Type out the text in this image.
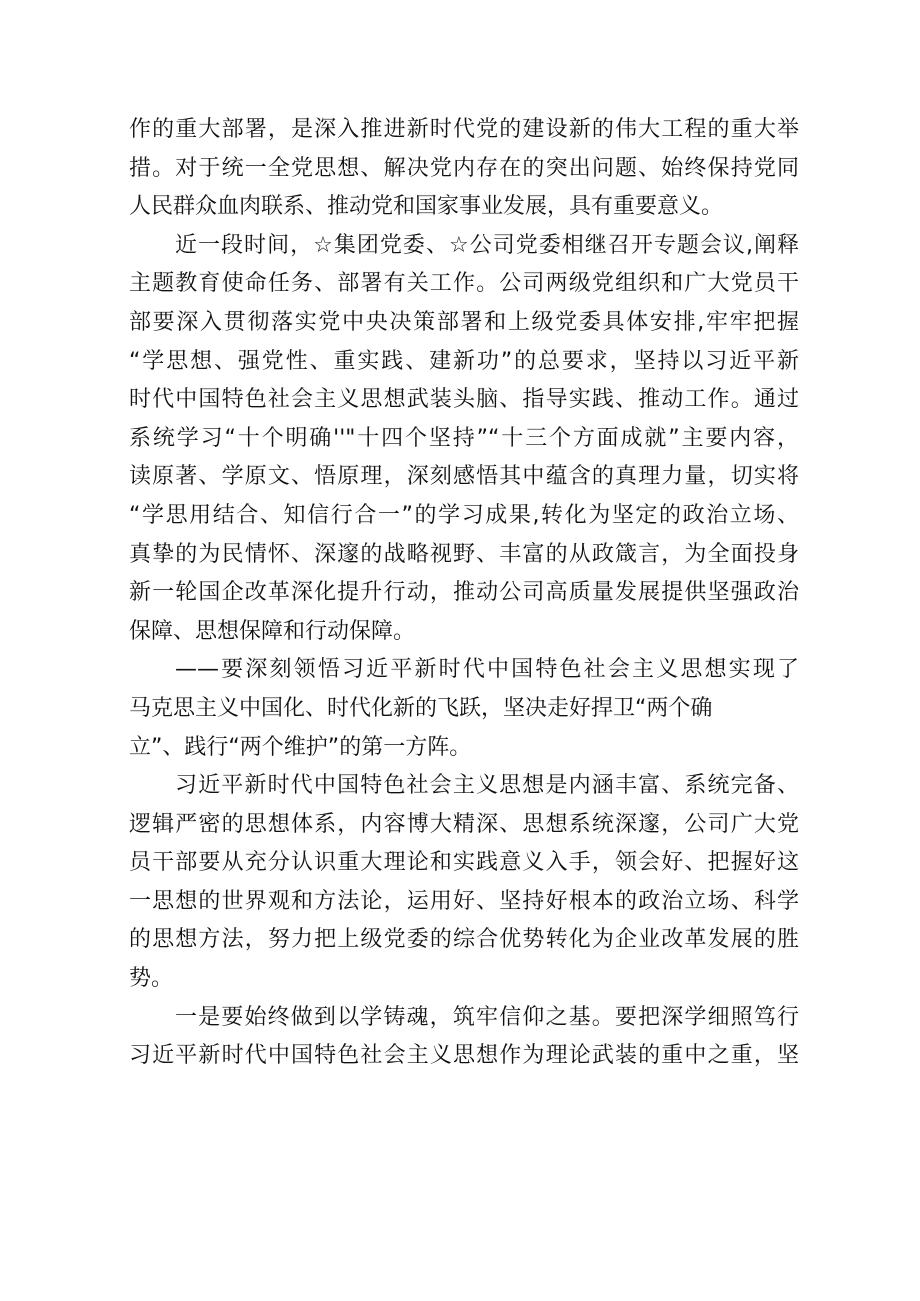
作的重大部署，是深入推进新时代党的建设新的伟大工程的重大举
措。对于统一全党思想、解决党内存在的突出问题、始终保持党同
人民群众血肉联系、推动党和国家事业发展，具有重要意义。
近一段时间，☆集团党委、☆公司党委相继召开专题会议,阐释
主题教育使命任务、部署有关工作。公司两级党组织和广大党员干
部要深入贯彻落实党中央决策部署和上级党委具体安排,牢牢把握
“学思想、强党性、重实践、建新功”的总要求，坚持以习近平新
时代中国特色社会主义思想武装头脑、指导实践、推动工作。通过
系统学习“十个明确''"十四个坚持”“十三个方面成就”主要内容，
读原著、学原文、悟原理，深刻感悟其中蕴含的真理力量，切实将
“学思用结合、知信行合一”的学习成果,转化为坚定的政治立场、
真挚的为民情怀、深邃的战略视野、丰富的从政箴言，为全面投身
新一轮国企改革深化提升行动，推动公司高质量发展提供坚强政治
保障、思想保障和行动保障。
——要深刻领悟习近平新时代中国特色社会主义思想实现了
马克思主义中国化、时代化新的飞跃，坚决走好捍卫“两个确
立”、践行“两个维护”的第一方阵。
习近平新时代中国特色社会主义思想是内涵丰富、系统完备、
逻辑严密的思想体系，内容博大精深、思想系统深邃，公司广大党
员干部要从充分认识重大理论和实践意义入手，领会好、把握好这
一思想的世界观和方法论，运用好、坚持好根本的政治立场、科学
的思想方法，努力把上级党委的综合优势转化为企业改革发展的胜
势。
一是要始终做到以学铸魂，筑牢信仰之基。要把深学细照笃行
习近平新时代中国特色社会主义思想作为理论武装的重中之重，坚
